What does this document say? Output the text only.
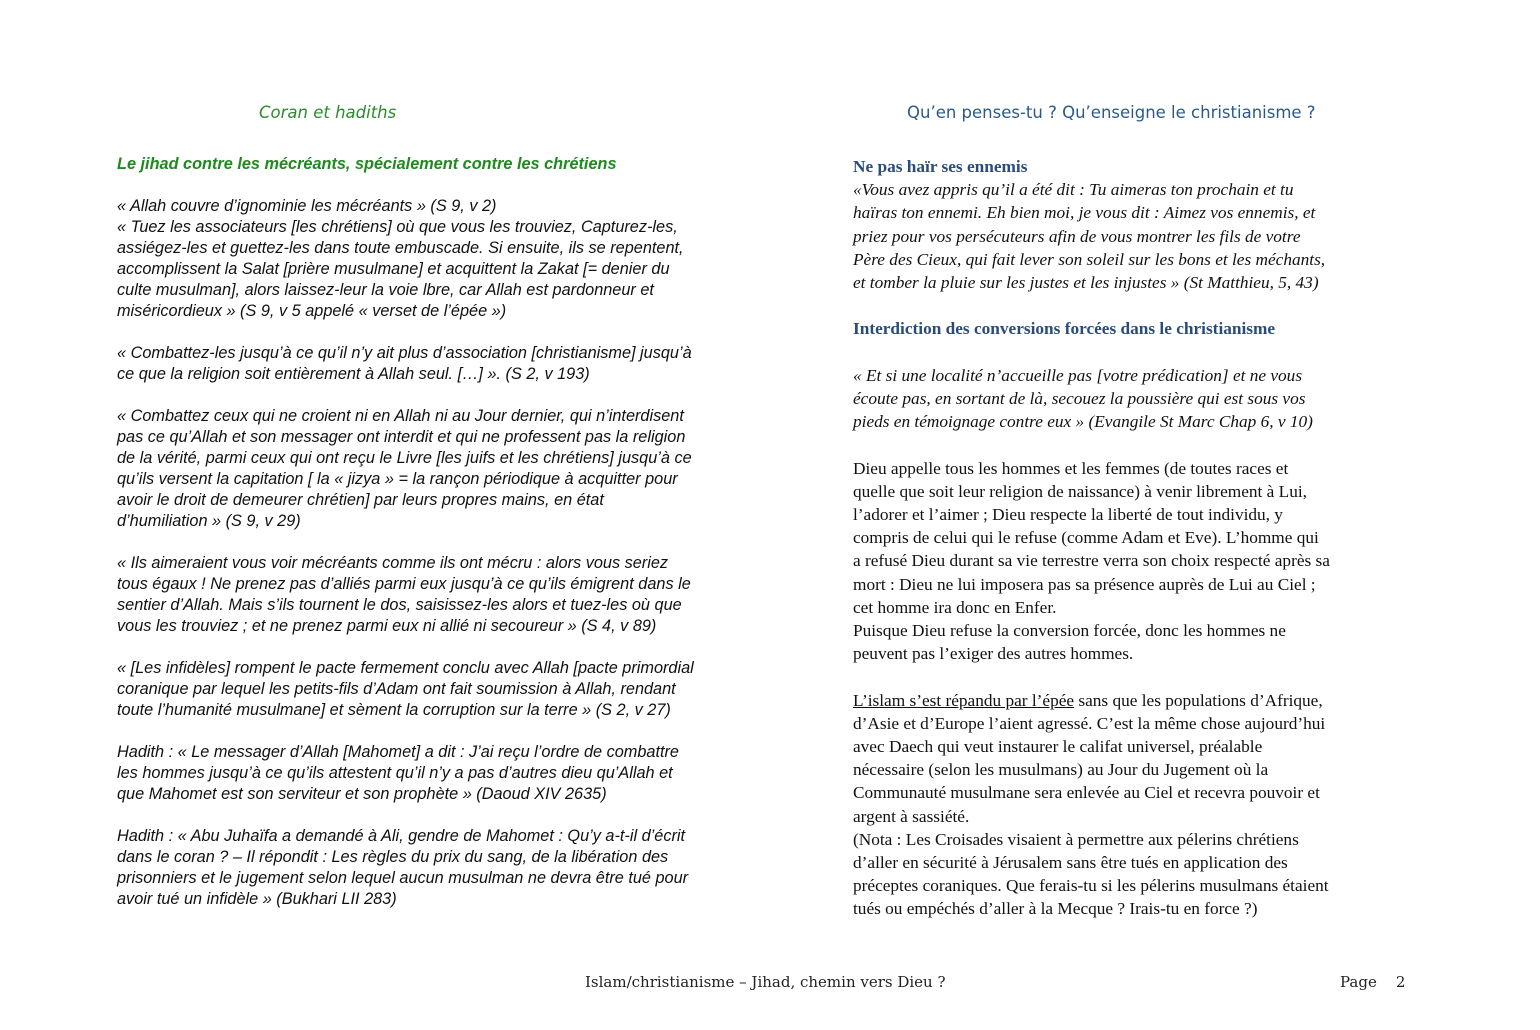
Coran et hadiths	Qu’en penses-tu ? Qu’enseigne le christianisme ?

Le jihad contre les mécréants, spécialement contre les chrétiens

« Allah couvre d’ignominie les mécréants » (S 9, v 2)
« Tuez les associateurs [les chrétiens] où que vous les trouviez, Capturez-les,
assiégez-les et guettez-les dans toute embuscade. Si ensuite, ils se repentent,
accomplissent la Salat [prière musulmane] et acquittent la Zakat [= denier du
culte musulman], alors laissez-leur la voie lbre, car Allah est pardonneur et
miséricordieux » (S 9, v 5 appelé « verset de l’épée »)

« Combattez-les jusqu’à ce qu’il n’y ait plus d’association [christianisme] jusqu’à
ce que la religion soit entièrement à Allah seul. […] ». (S 2, v 193)

« Combattez ceux qui ne croient ni en Allah ni au Jour dernier, qui n’interdisent
pas ce qu’Allah et son messager ont interdit et qui ne professent pas la religion
de la vérité, parmi ceux qui ont reçu le Livre [les juifs et les chrétiens] jusqu’à ce
qu’ils versent la capitation [ la « jizya » = la rançon périodique à acquitter pour
avoir le droit de demeurer chrétien] par leurs propres mains, en état
d’humiliation » (S 9, v 29)

« Ils aimeraient vous voir mécréants comme ils ont mécru : alors vous seriez
tous égaux ! Ne prenez pas d’alliés parmi eux jusqu’à ce qu’ils émigrent dans le
sentier d’Allah. Mais s’ils tournent le dos, saisissez-les alors et tuez-les où que
vous les trouviez ; et ne prenez parmi eux ni allié ni secoureur » (S 4, v 89)

« [Les infidèles] rompent le pacte fermement conclu avec Allah [pacte primordial
coranique par lequel les petits-fils d’Adam ont fait soumission à Allah, rendant
toute l’humanité musulmane] et sèment la corruption sur la terre » (S 2, v 27)

Hadith : « Le messager d’Allah [Mahomet] a dit : J’ai reçu l’ordre de combattre
les hommes jusqu’à ce qu’ils attestent qu’il n’y a pas d’autres dieu qu’Allah et
que Mahomet est son serviteur et son prophète » (Daoud XIV 2635)

Hadith : « Abu Juhaïfa a demandé à Ali, gendre de Mahomet : Qu’y a-t-il d’écrit
dans le coran ? – Il répondit : Les règles du prix du sang, de la libération des
prisonniers et le jugement selon lequel aucun musulman ne devra être tué pour
avoir tué un infidèle » (Bukhari LII 283)

Ne pas haïr ses ennemis

«Vous avez appris qu’il a été dit : Tu aimeras ton prochain et tu
haïras ton ennemi. Eh bien moi, je vous dit : Aimez vos ennemis, et
priez pour vos persécuteurs afin de vous montrer les fils de votre
Père des Cieux, qui fait lever son soleil sur les bons et les méchants,
et tomber la pluie sur les justes et les injustes » (St Matthieu, 5, 43)

Interdiction des conversions forcées dans le christianisme

« Et si une localité n’accueille pas [votre prédication] et ne vous
écoute pas, en sortant de là, secouez la poussière qui est sous vos
pieds en témoignage contre eux » (Evangile St Marc Chap 6, v 10)

Dieu appelle tous les hommes et les femmes (de toutes races et
quelle que soit leur religion de naissance) à venir librement à Lui,
l’adorer et l’aimer ; Dieu respecte la liberté de tout individu, y
compris de celui qui le refuse (comme Adam et Eve). L’homme qui
a refusé Dieu durant sa vie terrestre verra son choix respecté après sa
mort : Dieu ne lui imposera pas sa présence auprès de Lui au Ciel ;
cet homme ira donc en Enfer.
Puisque Dieu refuse la conversion forcée, donc les hommes ne
peuvent pas l’exiger des autres hommes.

L’islam s’est répandu par l’épée sans que les populations d’Afrique,
d’Asie et d’Europe l’aient agressé. C’est la même chose aujourd’hui
avec Daech qui veut instaurer le califat universel, préalable
nécessaire (selon les musulmans) au Jour du Jugement où la
Communauté musulmane sera enlevée au Ciel et recevra pouvoir et
argent à sassiété.
(Nota : Les Croisades visaient à permettre aux pélerins chrétiens
d’aller en sécurité à Jérusalem sans être tués en application des
préceptes coraniques. Que ferais-tu si les pélerins musulmans étaient
tués ou empéchés d’aller à la Mecque ? Irais-tu en force ?)

Islam/christianisme – Jihad, chemin vers Dieu ?	Page    2
